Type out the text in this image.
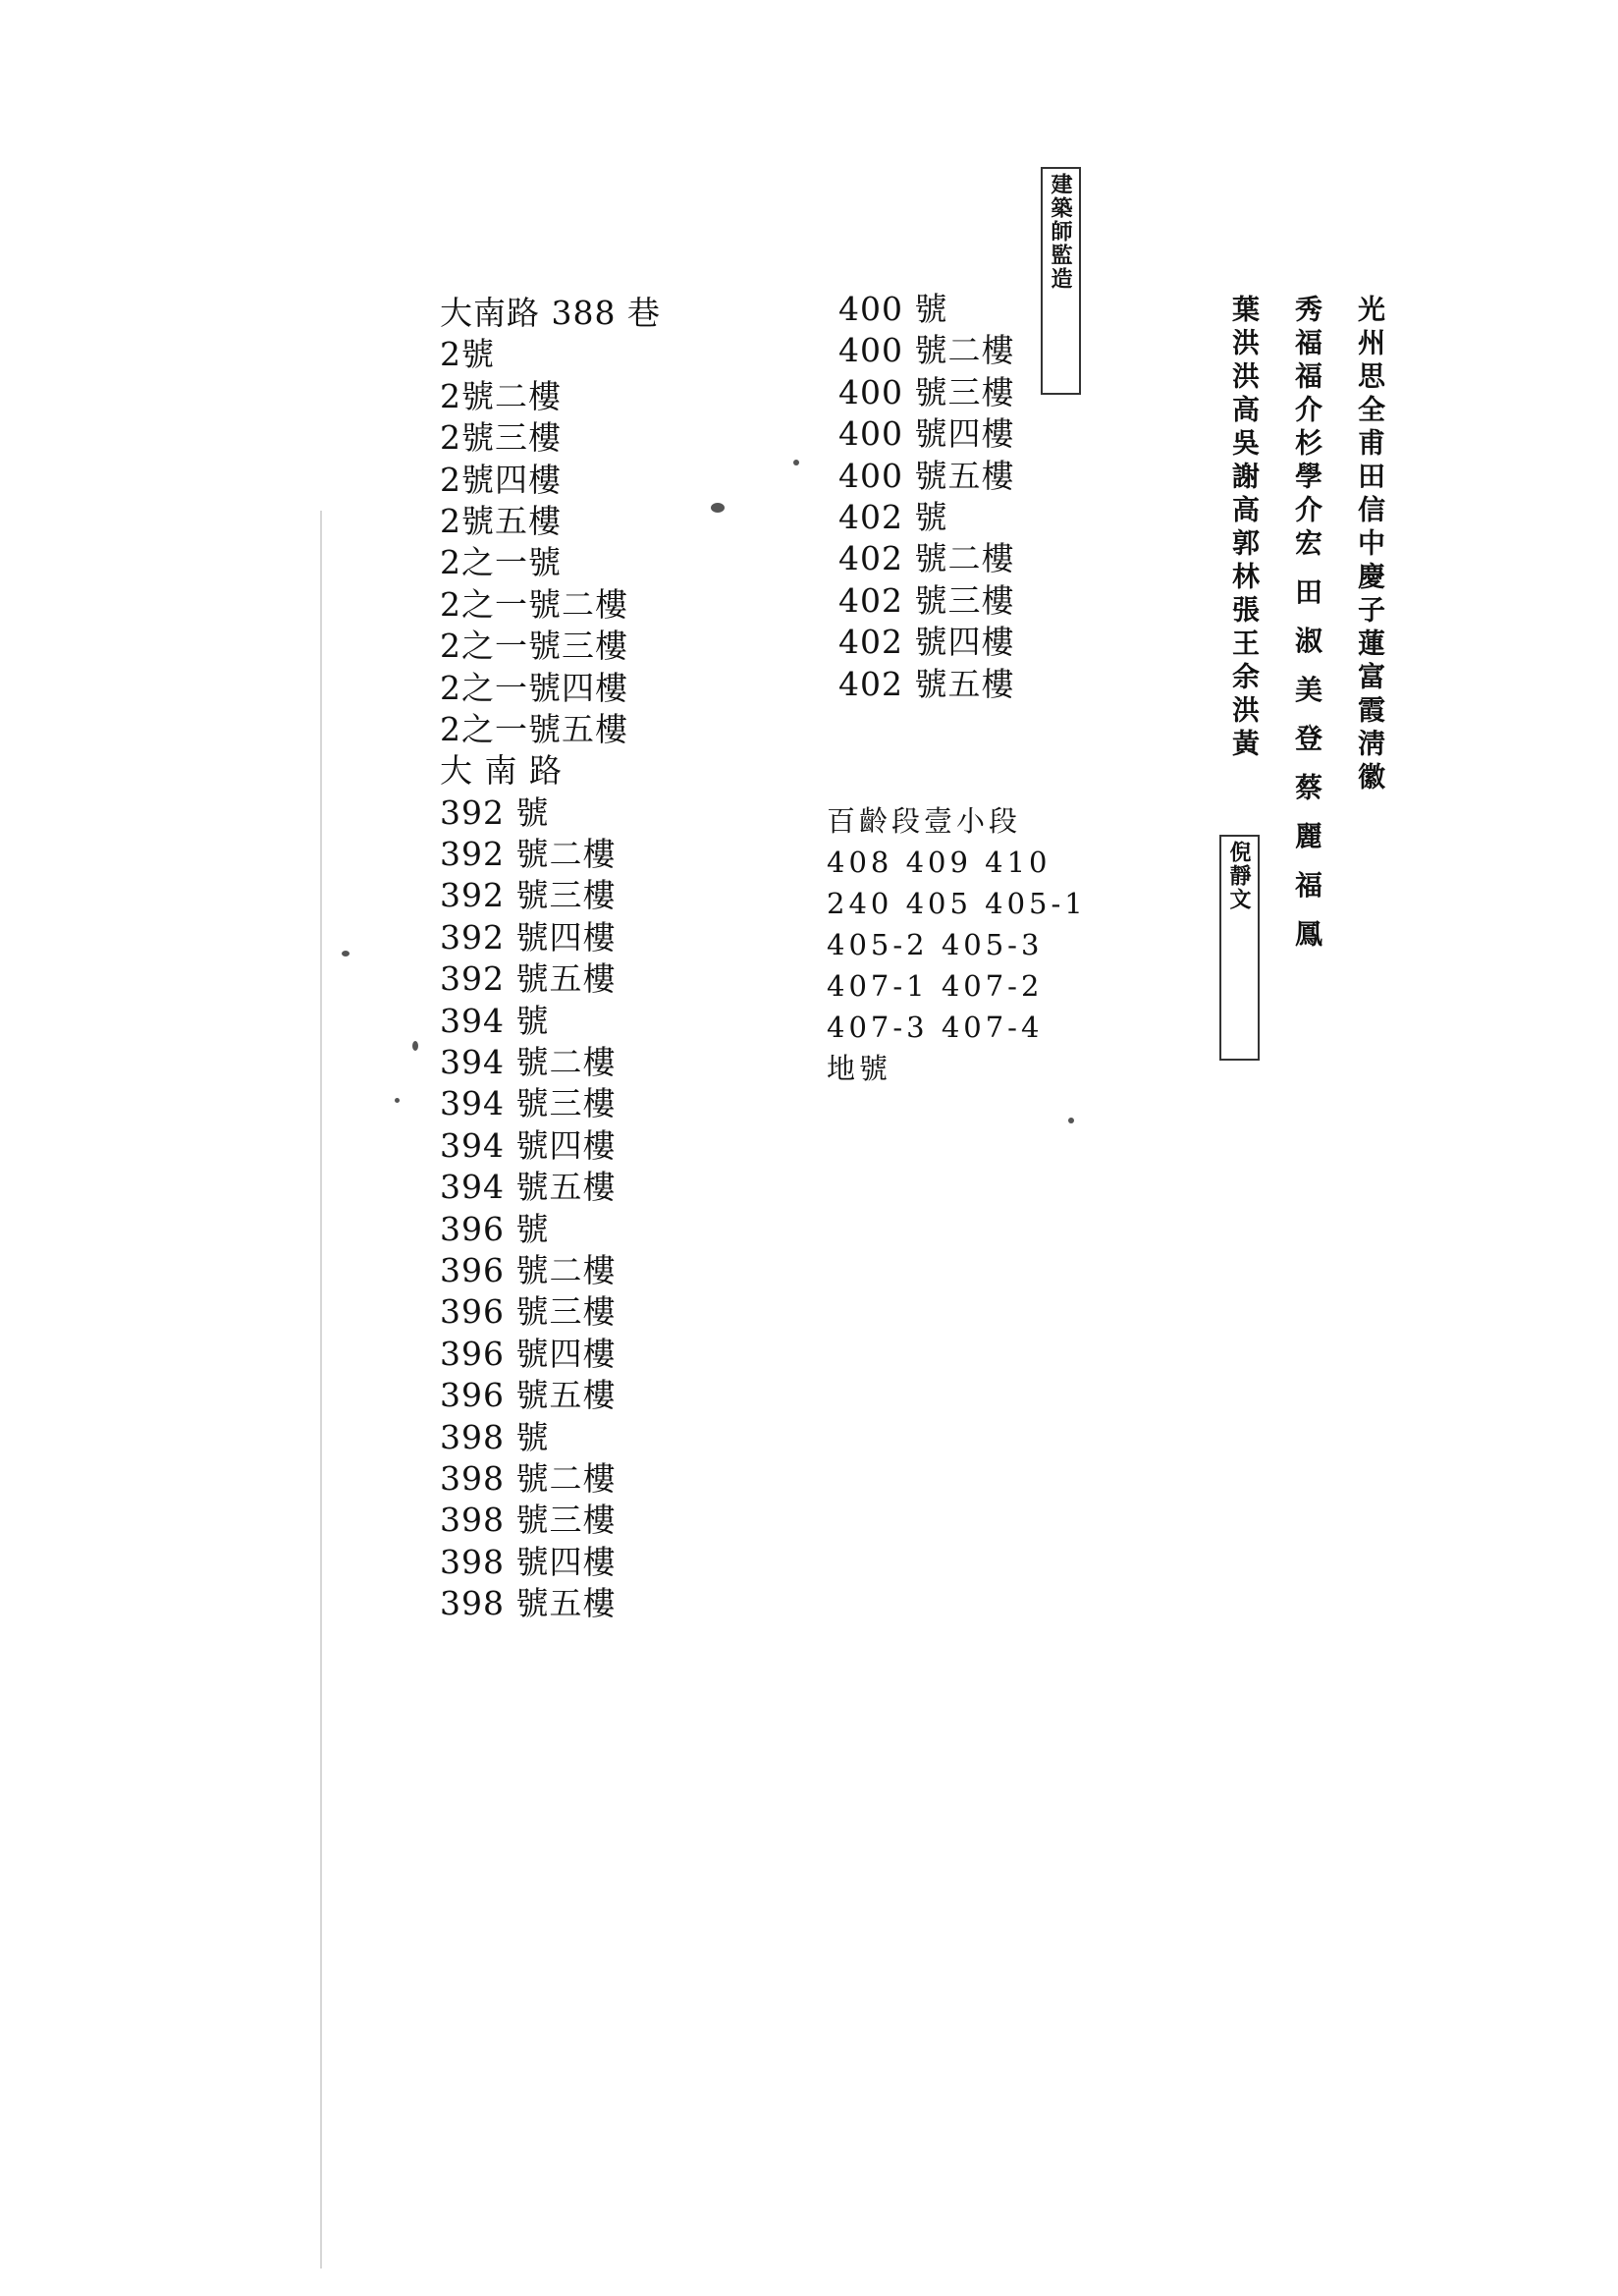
大南路 388 巷
2號
2號二樓
2號三樓
2號四樓
2號五樓
2之一號
2之一號二樓
2之一號三樓
2之一號四樓
2之一號五樓
大 南 路
392 號
392 號二樓
392 號三樓
392 號四樓
392 號五樓
394 號
394 號二樓
394 號三樓
394 號四樓
394 號五樓
396 號
396 號二樓
396 號三樓
396 號四樓
396 號五樓
398 號
398 號二樓
398 號三樓
398 號四樓
398 號五樓
400 號
400 號二樓
400 號三樓
400 號四樓
400 號五樓
402 號
402 號二樓
402 號三樓
402 號四樓
402 號五樓
百齡段壹小段
408 409 410
240 405 405-1
405-2 405-3
407-1 407-2
407-3 407-4
地號
建築師監造
葉洪洪高吳謝高郭林張王余洪黃 秀福福介杉學介宏 田 淑 美 登 蔡 麗 福 鳳 光州思全甫田信中慶子蓮富霞淸徽
倪靜文
